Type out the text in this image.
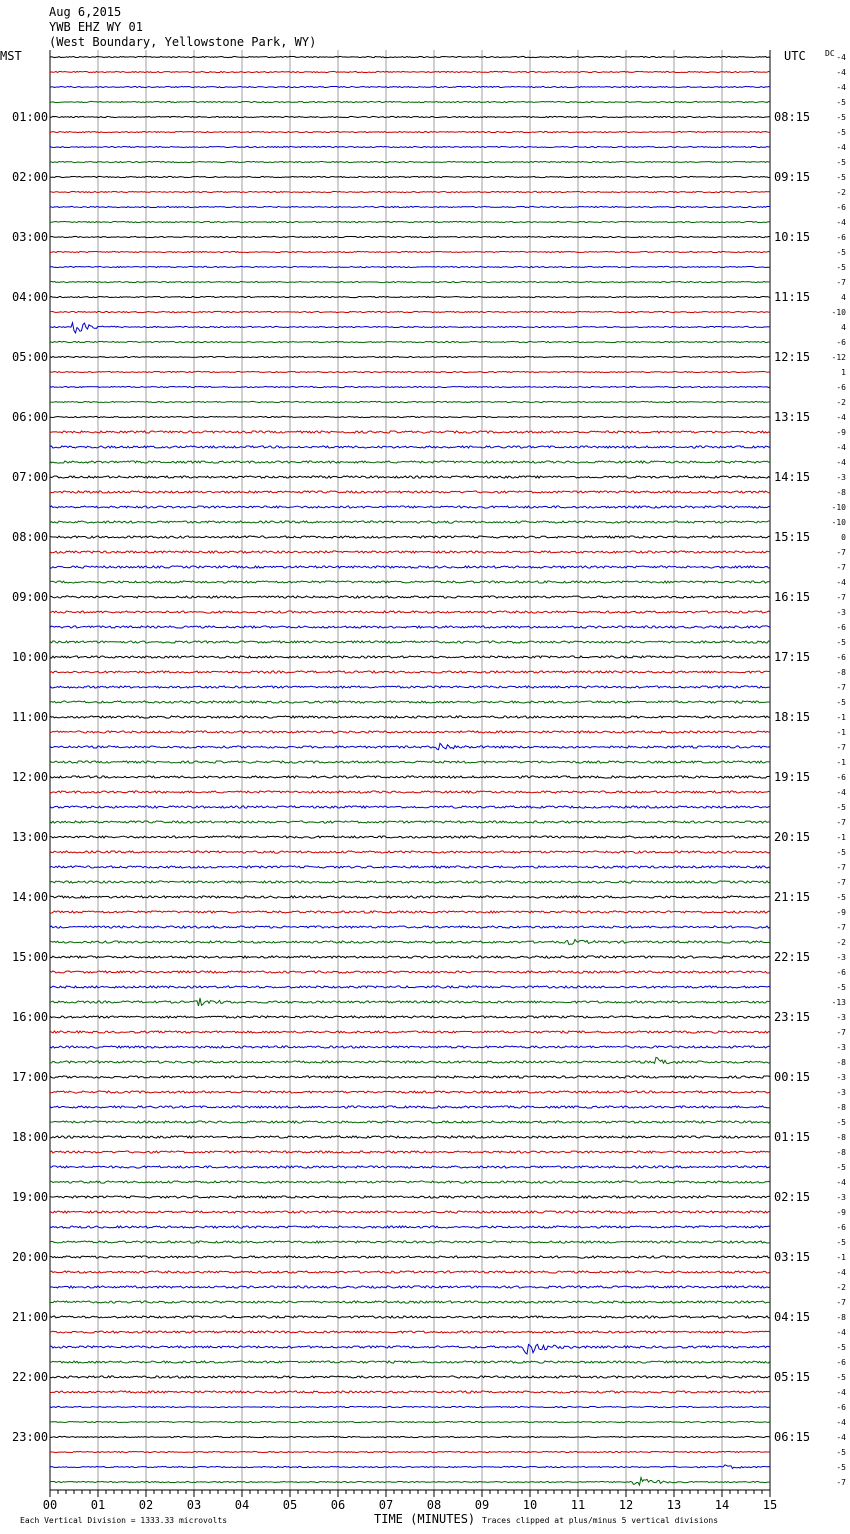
Aug 6,2015
YWB EHZ WY 01
(West Boundary, Yellowstone Park, WY)
MST	UTC DC
01:00
02:00
03:00
04:00
05:00
06:00
07:00
08:00
09:00
10:00
11:00
12:00
13:00
14:00
15:00
16:00
17:00
18:00
19:00
20:00
21:00
22:00
23:00
08:15
09:15
10:15
11:15
12:15
13:15
14:15
15:15
16:15
17:15
18:15
19:15
20:15
21:15
22:15
23:15
00:15
01:15
02:15
03:15
04:15
05:15
06:15
-4
-4
-4
-5
-5
-5
-4
-5
-5
-2
-6
-4
-6
-5
-5
-7
4
-10
4
-6
-12
1
-6
-2
-4
-9
-4
-4
-3
-8
-10
-10
0
-7
-7
-4
-7
-3
-6
-5
-6
-8
-7
-5
-1
-1
-7
-1
-6
-4
-5
-7
-1
-5
-7
-7
-5
-9
-7
-2
-3
-6
-5
-13
-3
-7
-3
-8
-3
-3
-8
-5
-8
-8
-5
-4
-3
-9
-6
-5
-1
-4
-2
-7
-8
-4
-5
-6
-5
-4
-6
-4
-4
-5
-5
-7
00	01	02	03	04	05	06	07	08	09	10	11	12	13	14	15
Each Vertical Division = 1333.33 microvolts	TIME (MINUTES) Traces clipped at plus/minus 5 vertical divisions
